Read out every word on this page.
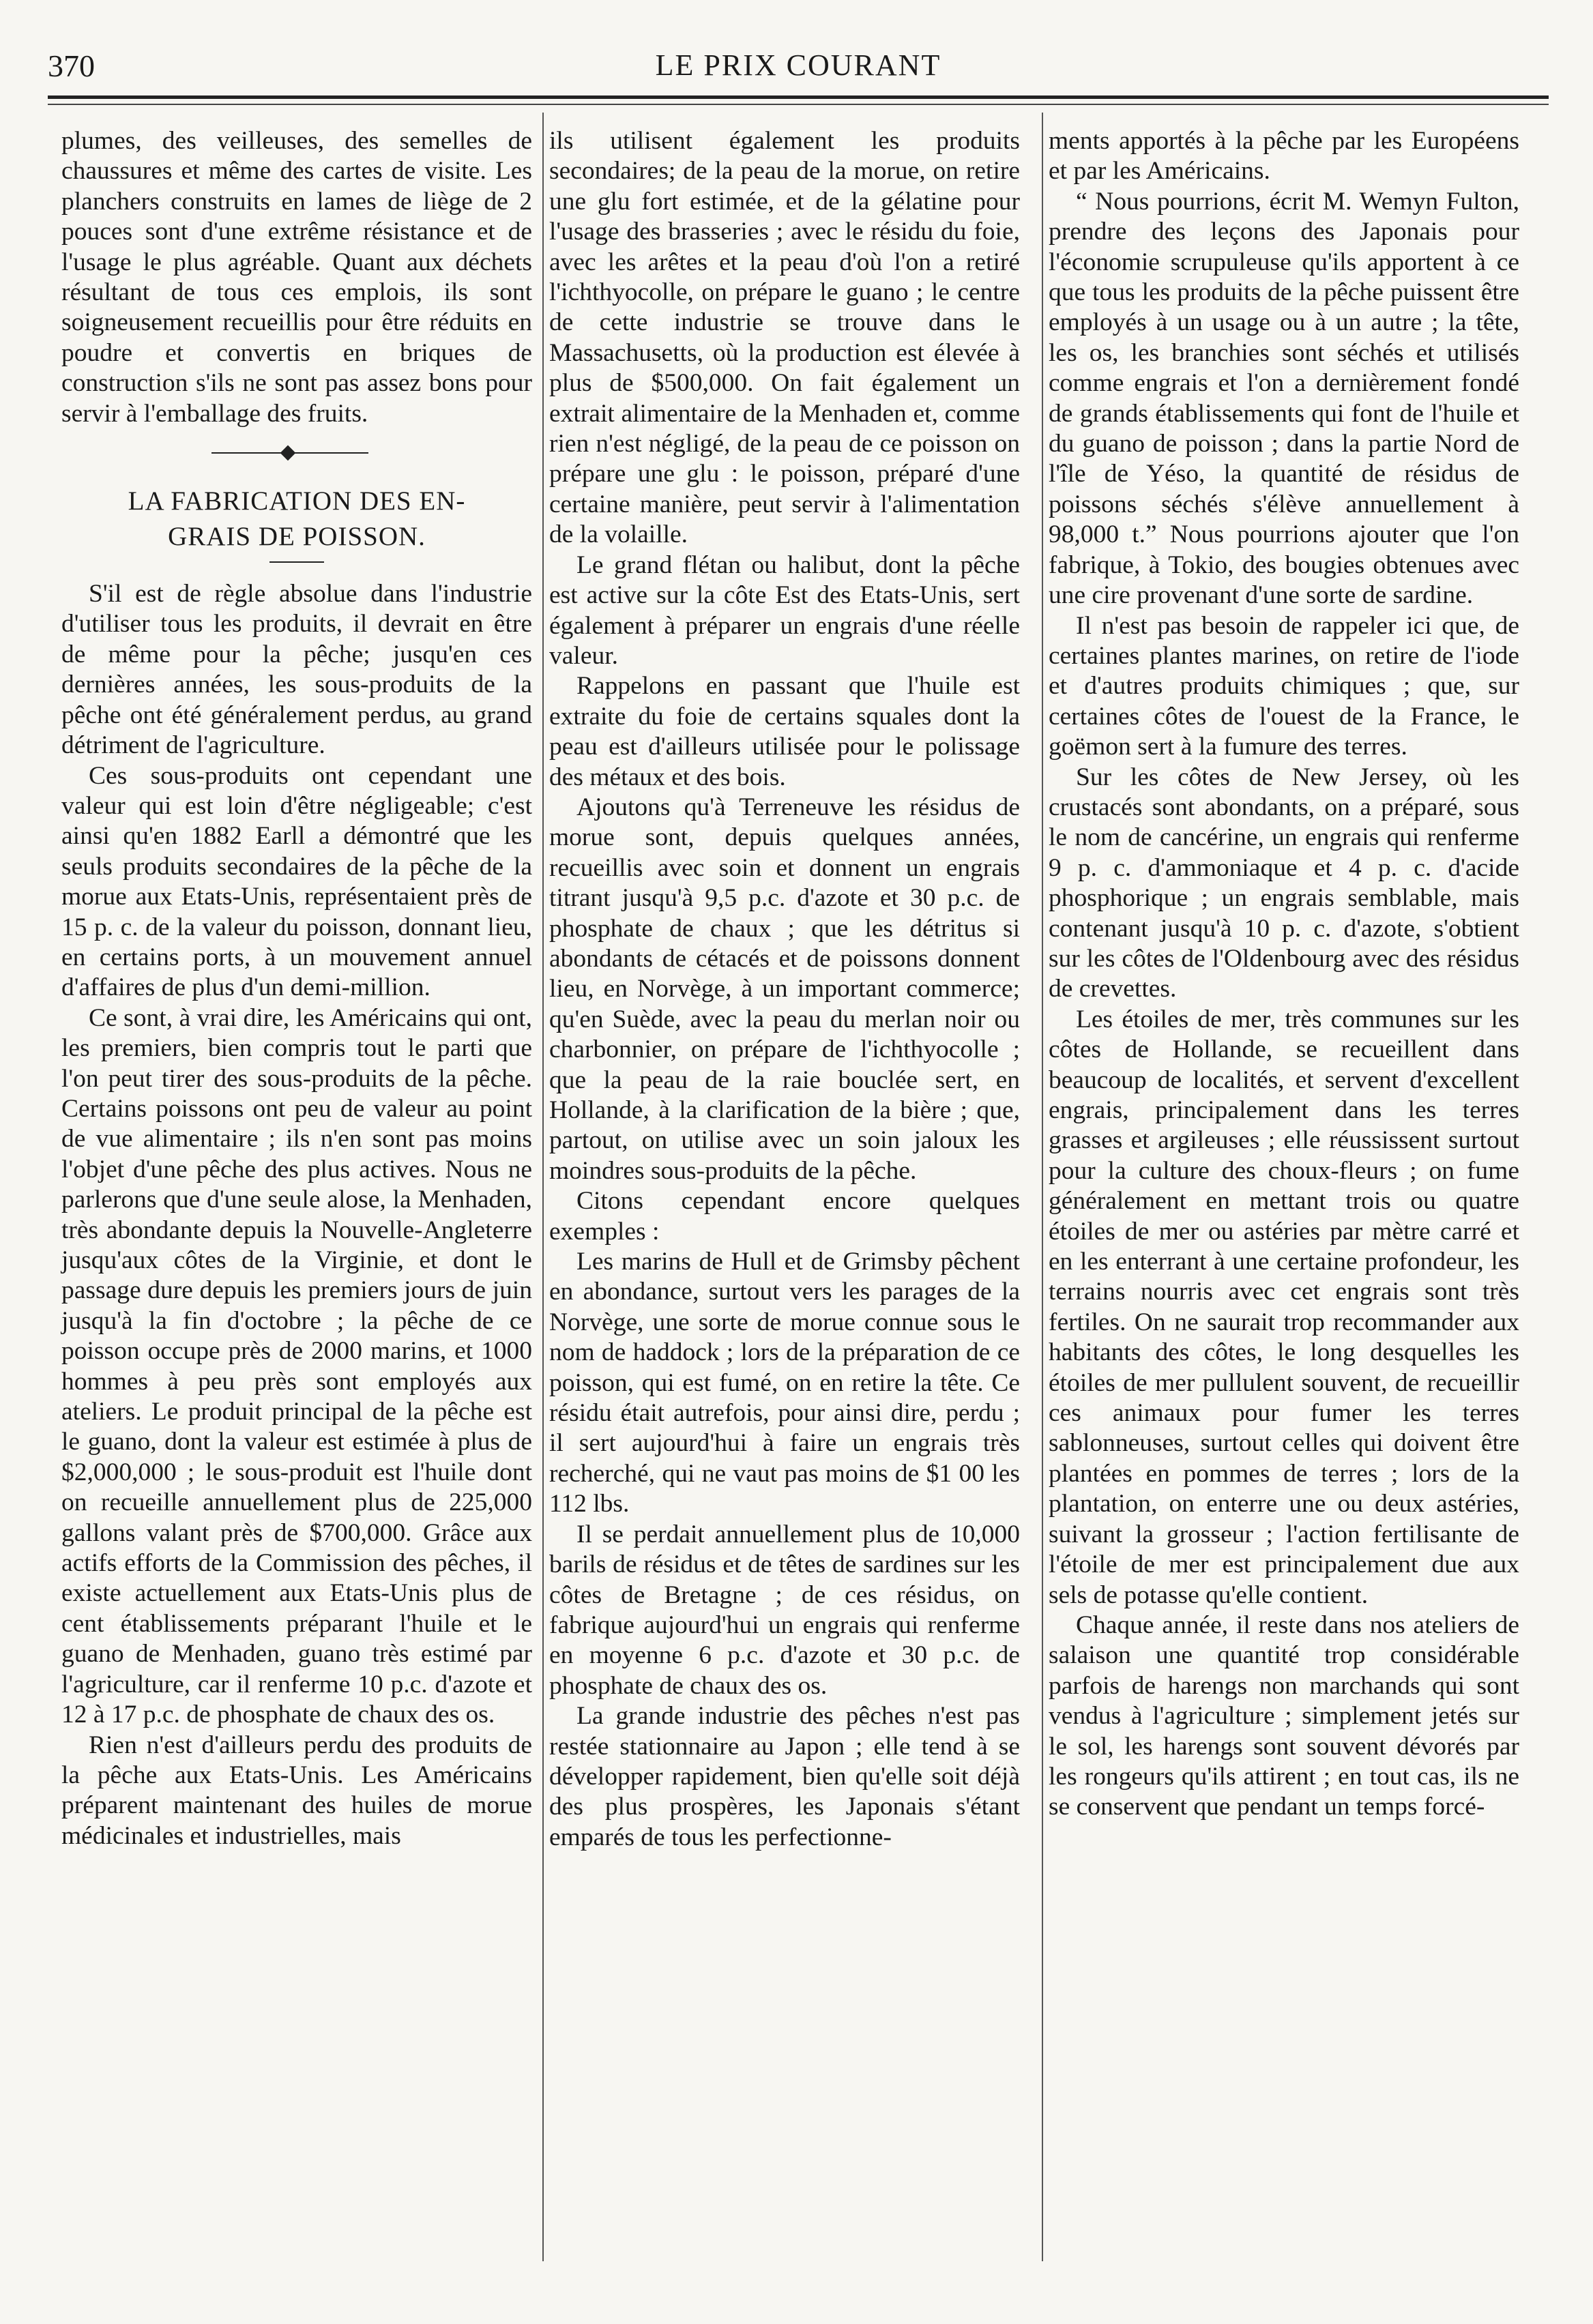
370	LE PRIX COURANT

plumes, des veilleuses, des semelles de chaussures et même des cartes de visite. Les planchers construits en lames de liège de 2 pouces sont d'une extrême résistance et de l'usage le plus agréable. Quant aux déchets résultant de tous ces emplois, ils sont soigneusement recueillis pour être réduits en poudre et convertis en briques de construction s'ils ne sont pas assez bons pour servir à l'emballage des fruits.

LA FABRICATION DES EN-
GRAIS DE POISSON.

S'il est de règle absolue dans l'industrie d'utiliser tous les produits, il devrait en être de même pour la pêche; jusqu'en ces dernières années, les sous-produits de la pêche ont été généralement perdus, au grand détriment de l'agriculture.

Ces sous-produits ont cependant une valeur qui est loin d'être négligeable; c'est ainsi qu'en 1882 Earll a démontré que les seuls produits secondaires de la pêche de la morue aux Etats-Unis, représentaient près de 15 p. c. de la valeur du poisson, donnant lieu, en certains ports, à un mouvement annuel d'affaires de plus d'un demi-million.

Ce sont, à vrai dire, les Américains qui ont, les premiers, bien compris tout le parti que l'on peut tirer des sous-produits de la pêche. Certains poissons ont peu de valeur au point de vue alimentaire ; ils n'en sont pas moins l'objet d'une pêche des plus actives. Nous ne parlerons que d'une seule alose, la Menhaden, très abondante depuis la Nouvelle-Angleterre jusqu'aux côtes de la Virginie, et dont le passage dure depuis les premiers jours de juin jusqu'à la fin d'octobre ; la pêche de ce poisson occupe près de 2000 marins, et 1000 hommes à peu près sont employés aux ateliers. Le produit principal de la pêche est le guano, dont la valeur est estimée à plus de $2,000,000 ; le sous-produit est l'huile dont on recueille annuellement plus de 225,000 gallons valant près de $700,000. Grâce aux actifs efforts de la Commission des pêches, il existe actuellement aux Etats-Unis plus de cent établissements préparant l'huile et le guano de Menhaden, guano très estimé par l'agriculture, car il renferme 10 p.c. d'azote et 12 à 17 p.c. de phosphate de chaux des os.

Rien n'est d'ailleurs perdu des produits de la pêche aux Etats-Unis. Les Américains préparent maintenant des huiles de morue médicinales et industrielles, mais

ils utilisent également les produits secondaires; de la peau de la morue, on retire une glu fort estimée, et de la gélatine pour l'usage des brasseries ; avec le résidu du foie, avec les arêtes et la peau d'où l'on a retiré l'ichthyocolle, on prépare le guano ; le centre de cette industrie se trouve dans le Massachusetts, où la production est élevée à plus de $500,000. On fait également un extrait alimentaire de la Menhaden et, comme rien n'est négligé, de la peau de ce poisson on prépare une glu : le poisson, préparé d'une certaine manière, peut servir à l'alimentation de la volaille.

Le grand flétan ou halibut, dont la pêche est active sur la côte Est des Etats-Unis, sert également à préparer un engrais d'une réelle valeur.

Rappelons en passant que l'huile est extraite du foie de certains squales dont la peau est d'ailleurs utilisée pour le polissage des métaux et des bois.

Ajoutons qu'à Terreneuve les résidus de morue sont, depuis quelques années, recueillis avec soin et donnent un engrais titrant jusqu'à 9,5 p.c. d'azote et 30 p.c. de phosphate de chaux ; que les détritus si abondants de cétacés et de poissons donnent lieu, en Norvège, à un important commerce; qu'en Suède, avec la peau du merlan noir ou charbonnier, on prépare de l'ichthyocolle ; que la peau de la raie bouclée sert, en Hollande, à la clarification de la bière ; que, partout, on utilise avec un soin jaloux les moindres sous-produits de la pêche.

Citons cependant encore quelques exemples :

Les marins de Hull et de Grimsby pêchent en abondance, surtout vers les parages de la Norvège, une sorte de morue connue sous le nom de haddock ; lors de la préparation de ce poisson, qui est fumé, on en retire la tête. Ce résidu était autrefois, pour ainsi dire, perdu ; il sert aujourd'hui à faire un engrais très recherché, qui ne vaut pas moins de $1 00 les 112 lbs.

Il se perdait annuellement plus de 10,000 barils de résidus et de têtes de sardines sur les côtes de Bretagne ; de ces résidus, on fabrique aujourd'hui un engrais qui renferme en moyenne 6 p.c. d'azote et 30 p.c. de phosphate de chaux des os.

La grande industrie des pêches n'est pas restée stationnaire au Japon ; elle tend à se développer rapidement, bien qu'elle soit déjà des plus prospères, les Japonais s'étant emparés de tous les perfectionne-

ments apportés à la pêche par les Européens et par les Américains.

“ Nous pourrions, écrit M. Wemyn Fulton, prendre des leçons des Japonais pour l'économie scrupuleuse qu'ils apportent à ce que tous les produits de la pêche puissent être employés à un usage ou à un autre ; la tête, les os, les branchies sont séchés et utilisés comme engrais et l'on a dernièrement fondé de grands établissements qui font de l'huile et du guano de poisson ; dans la partie Nord de l'île de Yéso, la quantité de résidus de poissons séchés s'élève annuellement à 98,000 t.” Nous pourrions ajouter que l'on fabrique, à Tokio, des bougies obtenues avec une cire provenant d'une sorte de sardine.

Il n'est pas besoin de rappeler ici que, de certaines plantes marines, on retire de l'iode et d'autres produits chimiques ; que, sur certaines côtes de l'ouest de la France, le goëmon sert à la fumure des terres.

Sur les côtes de New Jersey, où les crustacés sont abondants, on a préparé, sous le nom de cancérine, un engrais qui renferme 9 p. c. d'ammoniaque et 4 p. c. d'acide phosphorique ; un engrais semblable, mais contenant jusqu'à 10 p. c. d'azote, s'obtient sur les côtes de l'Oldenbourg avec des résidus de crevettes.

Les étoiles de mer, très communes sur les côtes de Hollande, se recueillent dans beaucoup de localités, et servent d'excellent engrais, principalement dans les terres grasses et argileuses ; elle réussissent surtout pour la culture des choux-fleurs ; on fume généralement en mettant trois ou quatre étoiles de mer ou astéries par mètre carré et en les enterrant à une certaine profondeur, les terrains nourris avec cet engrais sont très fertiles. On ne saurait trop recommander aux habitants des côtes, le long desquelles les étoiles de mer pullulent souvent, de recueillir ces animaux pour fumer les terres sablonneuses, surtout celles qui doivent être plantées en pommes de terres ; lors de la plantation, on enterre une ou deux astéries, suivant la grosseur ; l'action fertilisante de l'étoile de mer est principalement due aux sels de potasse qu'elle contient.

Chaque année, il reste dans nos ateliers de salaison une quantité trop considérable parfois de harengs non marchands qui sont vendus à l'agriculture ; simplement jetés sur le sol, les harengs sont souvent dévorés par les rongeurs qu'ils attirent ; en tout cas, ils ne se conservent que pendant un temps forcé-
